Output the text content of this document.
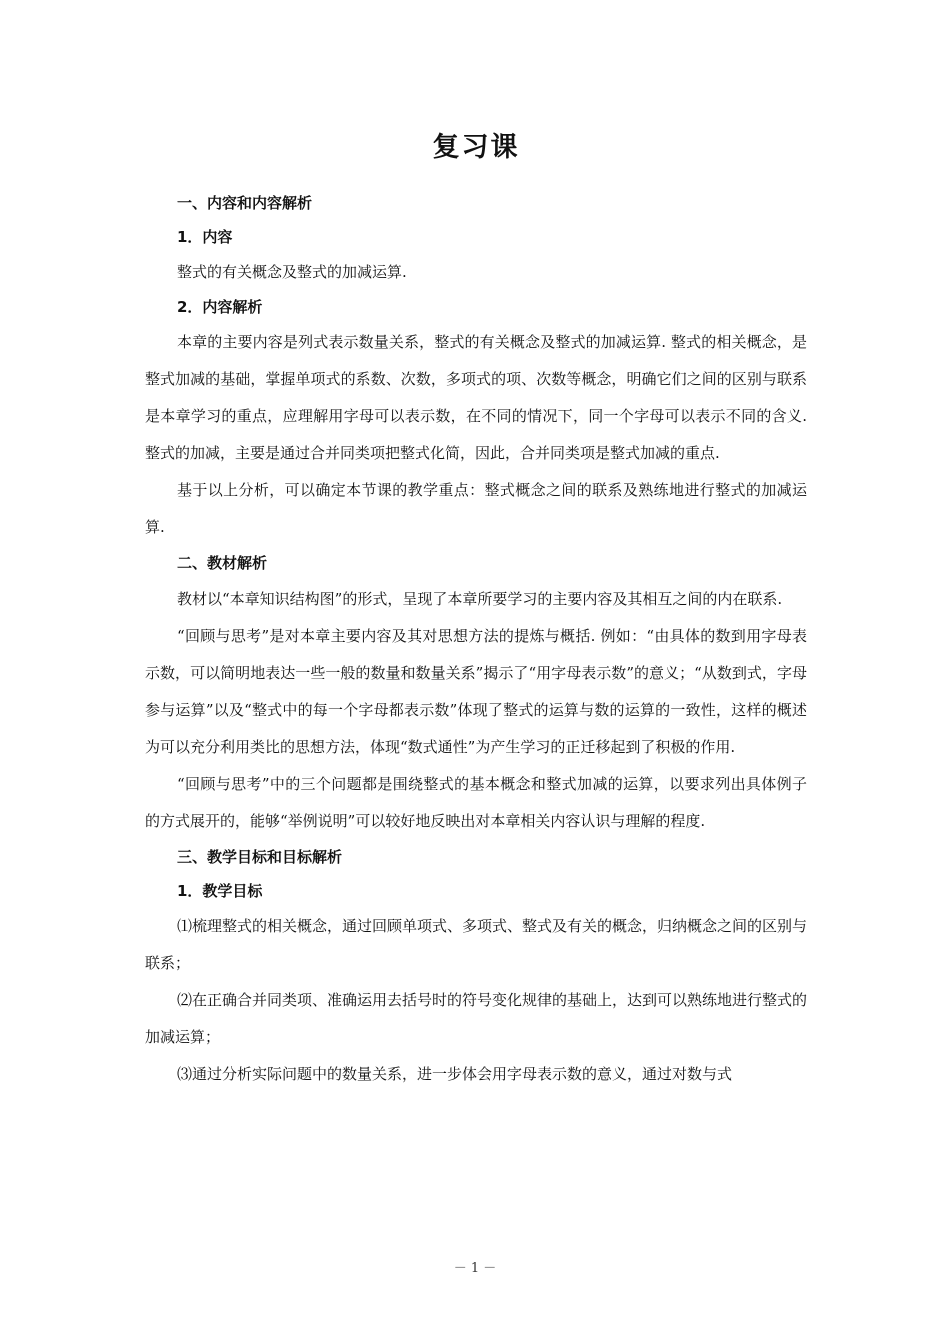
复习课
一、内容和内容解析
1．内容

整式的有关概念及整式的加减运算.

2．内容解析

本章的主要内容是列式表示数量关系，整式的有关概念及整式的加减运算. 整式的相关概念，是整式加减的基础，掌握单项式的系数、次数，多项式的项、次数等概念，明确它们之间的区别与联系是本章学习的重点，应理解用字母可以表示数，在不同的情况下，同一个字母可以表示不同的含义. 整式的加减，主要是通过合并同类项把整式化简，因此，合并同类项是整式加减的重点.

基于以上分析，可以确定本节课的教学重点：整式概念之间的联系及熟练地进行整式的加减运算.

二、教材解析

教材以“本章知识结构图”的形式，呈现了本章所要学习的主要内容及其相互之间的内在联系.

“回顾与思考”是对本章主要内容及其对思想方法的提炼与概括. 例如：“由具体的数到用字母表示数，可以简明地表达一些一般的数量和数量关系”揭示了“用字母表示数”的意义；“从数到式，字母参与运算”以及“整式中的每一个字母都表示数”体现了整式的运算与数的运算的一致性，这样的概述为可以充分利用类比的思想方法，体现“数式通性”为产生学习的正迁移起到了积极的作用.

“回顾与思考”中的三个问题都是围绕整式的基本概念和整式加减的运算，以要求列出具体例子的方式展开的，能够“举例说明”可以较好地反映出对本章相关内容认识与理解的程度.

三、教学目标和目标解析
1．教学目标

⑴梳理整式的相关概念，通过回顾单项式、多项式、整式及有关的概念，归纳概念之间的区别与联系；

⑵在正确合并同类项、准确运用去括号时的符号变化规律的基础上，达到可以熟练地进行整式的加减运算；

⑶通过分析实际问题中的数量关系，进一步体会用字母表示数的意义，通过对数与式

－ 1 －
